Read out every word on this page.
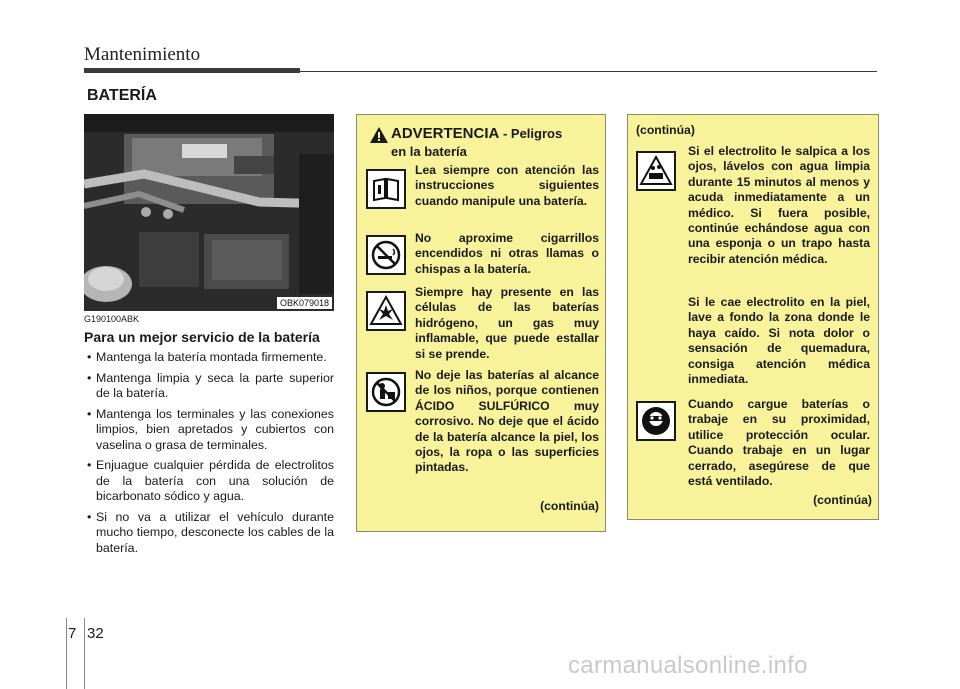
Mantenimiento
BATERÍA
OBK079018
G190100ABK
Para un mejor servicio de la batería
• Mantenga la batería montada firmemente.
• Mantenga limpia y seca la parte superior de la batería.
• Mantenga los terminales y las conexiones limpios, bien apretados y cubiertos con vaselina o grasa de terminales.
• Enjuague cualquier pérdida de electrolitos de la batería con una solución de bicarbonato sódico y agua.
• Si no va a utilizar el vehículo durante mucho tiempo, desconecte los cables de la batería.
ADVERTENCIA - Peligros
en la batería
Lea siempre con atención las instrucciones siguientes cuando manipule una batería.
No aproxime cigarrillos encendidos ni otras llamas o chispas a la batería.
Siempre hay presente en las células de las baterías hidrógeno, un gas muy inflamable, que puede estallar si se prende.
No deje las baterías al alcance de los niños, porque contienen ÁCIDO SULFÚRICO muy corrosivo. No deje que el ácido de la batería alcance la piel, los ojos, la ropa o las superficies pintadas.
(continúa)
(continúa)
Si el electrolito le salpica a los ojos, lávelos con agua limpia durante 15 minutos al menos y acuda inmediatamente a un médico. Si fuera posible, continúe echándose agua con una esponja o un trapo hasta recibir atención médica.
Si le cae electrolito en la piel, lave a fondo la zona donde le haya caído. Si nota dolor o sensación de quemadura, consiga atención médica inmediata.
Cuando cargue baterías o trabaje en su proximidad, utilice protección ocular. Cuando trabaje en un lugar cerrado, asegúrese de que está ventilado.
(continúa)
7 32
carmanualsonline.info
